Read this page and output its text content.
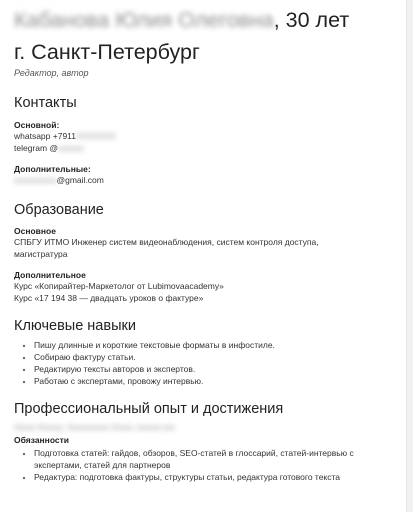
Кабанова Юлия Олеговна, 30 лет
г. Санкт-Петербург
Редактор, автор
Контакты
Основной:
whatsapp +7911XXXXXXX
telegram @xxxxxx
Дополнительные:
xxxxxxxxxx@gmail.com
Образование
Основное
СПБГУ ИТМО Инженер систем видеонаблюдения, систем контроля доступа, магистратура
Дополнительное
Курс «Копирайтер-Маркетолог от Lubimovaacademy»
Курс «17 194 38 — двадцать уроков о фактуре»
Ключевые навыки
• Пишу длинные и короткие текстовые форматы в инфостиле.
• Собираю фактуру статьи.
• Редактирую тексты авторов и экспертов.
• Работаю с экспертами, провожу интервью.
Профессиональный опыт и достижения
Xxxxx Xxxxxx, Xxxxxxxxxx Xxxxx, xxxxxx.xxx
Обязанности
• Подготовка статей: гайдов, обзоров, SEO-статей в глоссарий, статей-интервью с экспертами, статей для партнеров
• Редактура: подготовка фактуры, структуры статьи, редактура готового текста
